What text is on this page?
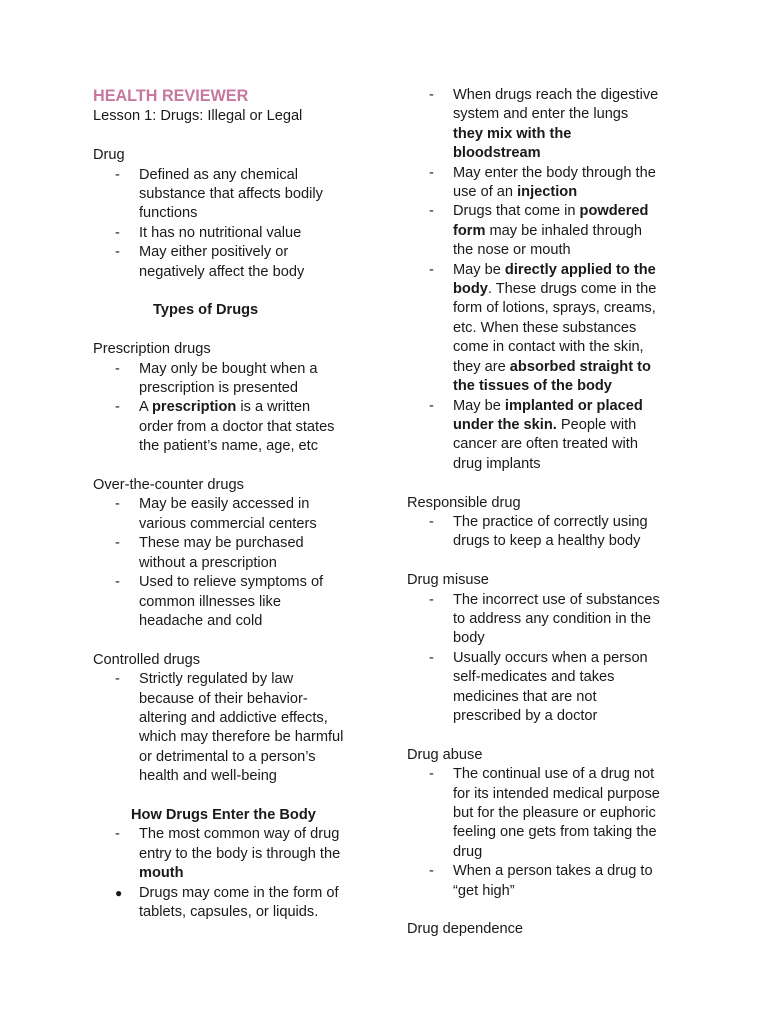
HEALTH REVIEWER
Lesson 1: Drugs: Illegal or Legal
Drug
-	Defined as any chemical
substance that affects bodily
functions
-	It has no nutritional value
-	May either positively or
negatively affect the body
Types of Drugs
Prescription drugs
-	May only be bought when a
prescription is presented
-	A prescription is a written
order from a doctor that states
the patient’s name, age, etc
Over-the-counter drugs
-	May be easily accessed in
various commercial centers
-	These may be purchased
without a prescription
-	Used to relieve symptoms of
common illnesses like
headache and cold
Controlled drugs
-	Strictly regulated by law
because of their behavior-
altering and addictive effects,
which may therefore be harmful
or detrimental to a person’s
health and well-being
How Drugs Enter the Body
-	The most common way of drug
entry to the body is through the
mouth
●	Drugs may come in the form of
tablets, capsules, or liquids.
-	When drugs reach the digestive
system and enter the lungs
they mix with the
bloodstream
-	May enter the body through the
use of an injection
-	Drugs that come in powdered
form may be inhaled through
the nose or mouth
-	May be directly applied to the
body. These drugs come in the
form of lotions, sprays, creams,
etc. When these substances
come in contact with the skin,
they are absorbed straight to
the tissues of the body
-	May be implanted or placed
under the skin. People with
cancer are often treated with
drug implants
Responsible drug
-	The practice of correctly using
drugs to keep a healthy body
Drug misuse
-	The incorrect use of substances
to address any condition in the
body
-	Usually occurs when a person
self-medicates and takes
medicines that are not
prescribed by a doctor
Drug abuse
-	The continual use of a drug not
for its intended medical purpose
but for the pleasure or euphoric
feeling one gets from taking the
drug
-	When a person takes a drug to
“get high”
Drug dependence
